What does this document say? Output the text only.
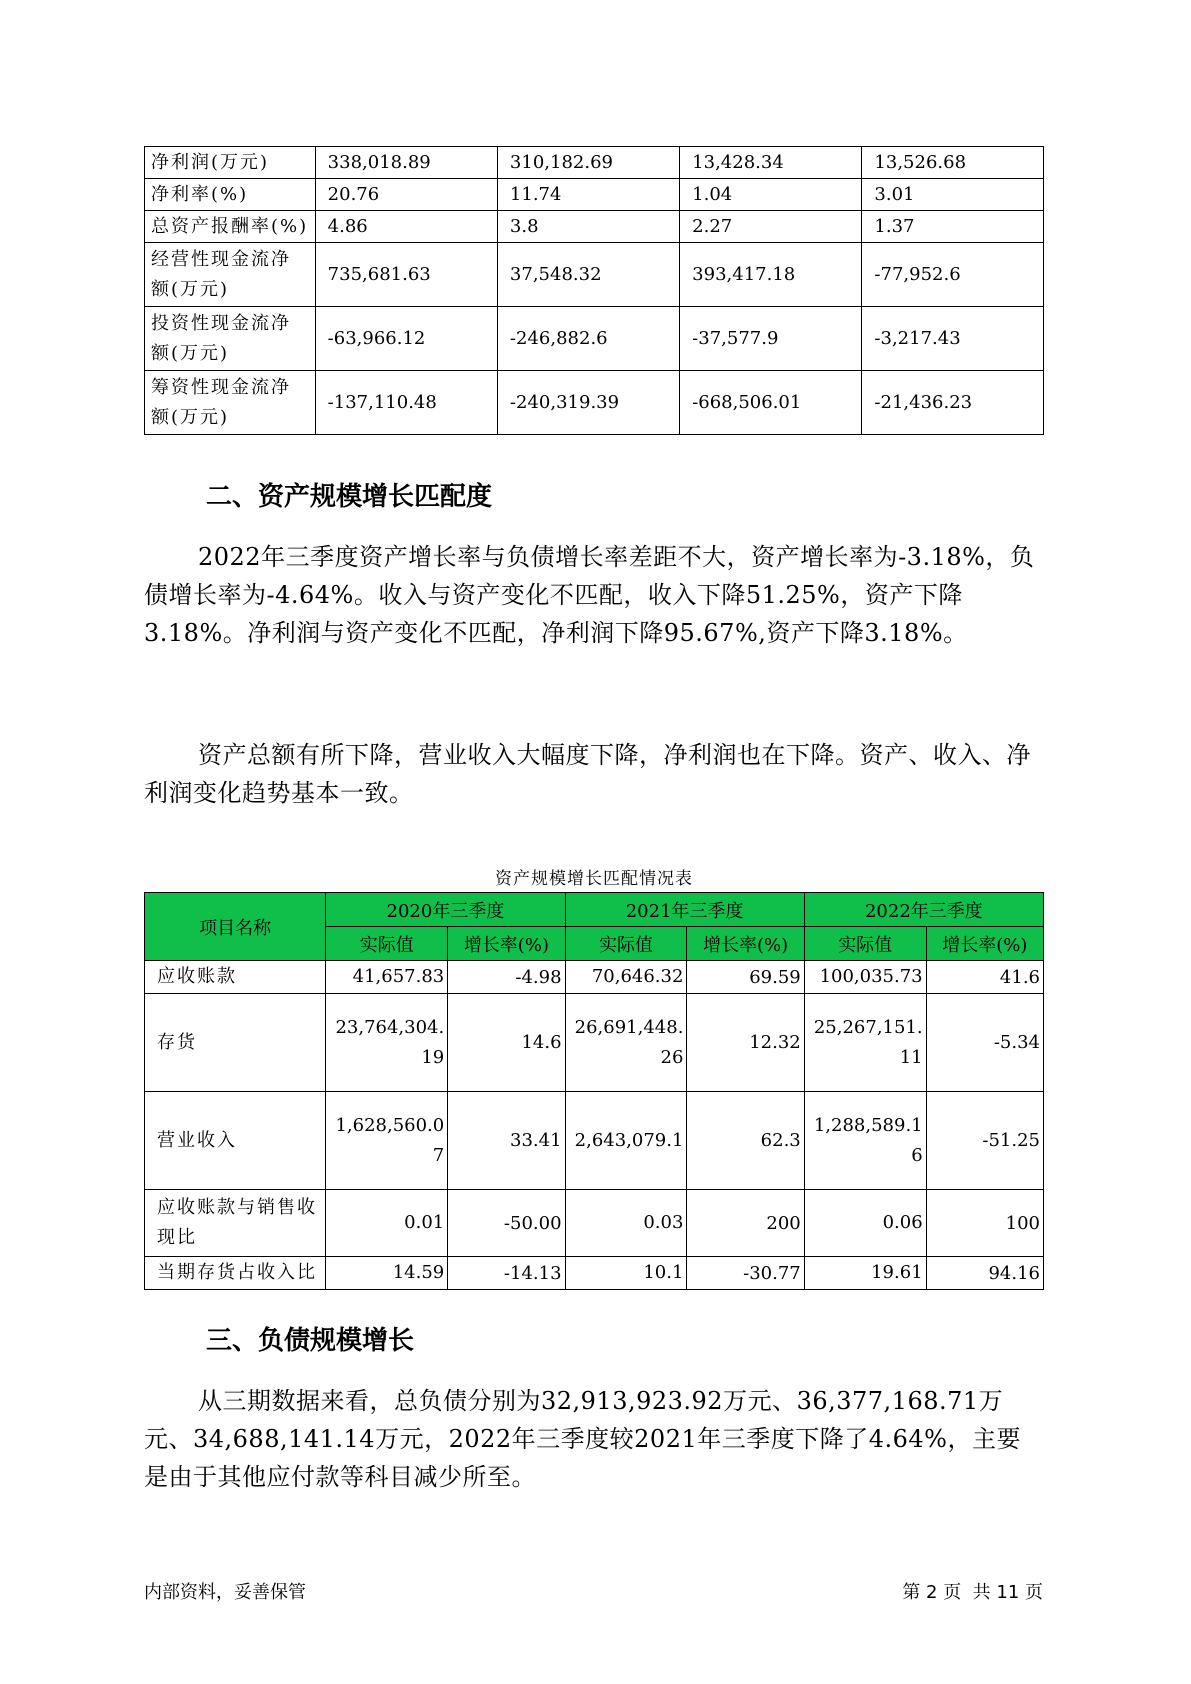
净利润(万元)	338,018.89	310,182.69	13,428.34	13,526.68
净利率(%)	20.76	11.74	1.04	3.01
总资产报酬率(%)	4.86	3.8	2.27	1.37
经营性现金流净额(万元)	735,681.63	37,548.32	393,417.18	-77,952.6
投资性现金流净额(万元)	-63,966.12	-246,882.6	-37,577.9	-3,217.43
筹资性现金流净额(万元)	-137,110.48	-240,319.39	-668,506.01	-21,436.23
二、资产规模增长匹配度

2022年三季度资产增长率与负债增长率差距不大，资产增长率为-3.18%，负债增长率为-4.64%。收入与资产变化不匹配，收入下降51.25%，资产下降3.18%。净利润与资产变化不匹配，净利润下降95.67%,资产下降3.18%。

资产总额有所下降，营业收入大幅度下降，净利润也在下降。资产、收入、净利润变化趋势基本一致。

资产规模增长匹配情况表
项目名称	2020年三季度		2021年三季度		2022年三季度	
	实际值	增长率(%)	实际值	增长率(%)	实际值	增长率(%)
应收账款	41,657.83	-4.98	70,646.32	69.59	100,035.73	41.6
存货	23,764,304.19	14.6	26,691,448.26	12.32	25,267,151.11	-5.34
营业收入	1,628,560.07	33.41	2,643,079.1	62.3	1,288,589.16	-51.25
应收账款与销售收现比	0.01	-50.00	0.03	200	0.06	100
当期存货占收入比	14.59	-14.13	10.1	-30.77	19.61	94.16
三、负债规模增长

从三期数据来看，总负债分别为32,913,923.92万元、36,377,168.71万元、34,688,141.14万元，2022年三季度较2021年三季度下降了4.64%，主要是由于其他应付款等科目减少所至。

内部资料，妥善保管	第 2 页  共 11 页
